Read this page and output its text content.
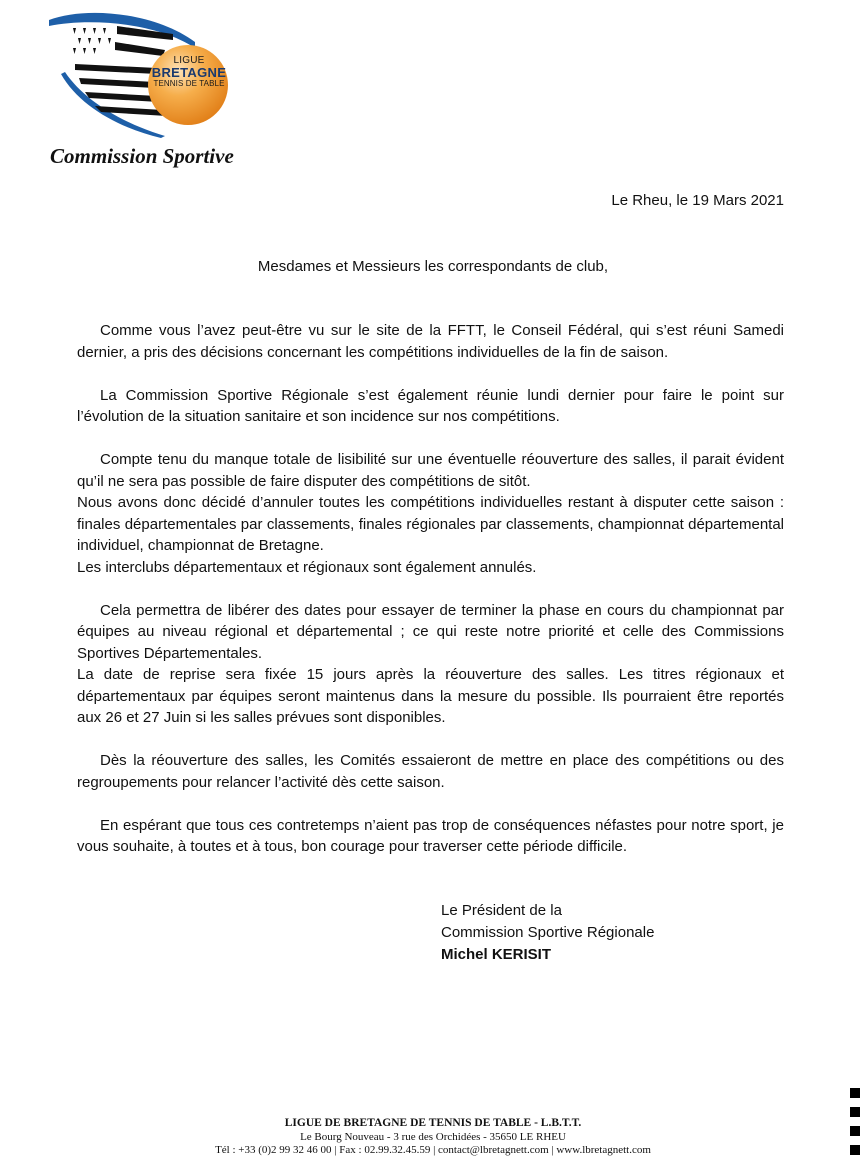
LIGUE
BRETAGNE
TENNIS DE TABLE
Commission Sportive
Le Rheu, le 19 Mars 2021
Mesdames et Messieurs les correspondants de club,

Comme vous l’avez peut-être vu sur le site de la FFTT, le Conseil Fédéral, qui s’est réuni Samedi dernier, a pris des décisions concernant les compétitions individuelles de la fin de saison.

La Commission Sportive Régionale s’est également réunie lundi dernier pour faire le point sur l’évolution de la situation sanitaire et son incidence sur nos compétitions.

Compte tenu du manque totale de lisibilité sur une éventuelle réouverture des salles, il parait évident qu’il ne sera pas possible de faire disputer des compétitions de sitôt.

Nous avons donc décidé d’annuler toutes les compétitions individuelles restant à disputer cette saison : finales départementales par classements, finales régionales par classements, championnat départemental individuel, championnat de Bretagne.

Les interclubs départementaux et régionaux sont également annulés.

Cela permettra de libérer des dates pour essayer de terminer la phase en cours du championnat par équipes au niveau régional et départemental ; ce qui reste notre priorité et celle des Commissions Sportives Départementales.

La date de reprise sera fixée 15 jours après la réouverture des salles. Les titres régionaux et départementaux par équipes seront maintenus dans la mesure du possible. Ils pourraient être reportés aux 26 et 27 Juin si les salles prévues sont disponibles.

Dès la réouverture des salles, les Comités essaieront de mettre en place des compétitions ou des regroupements pour relancer l’activité dès cette saison.

En espérant que tous ces contretemps n’aient pas trop de conséquences néfastes pour notre sport, je vous souhaite, à toutes et à tous, bon courage pour traverser cette période difficile.

Le Président de la
Commission Sportive Régionale
Michel KERISIT
LIGUE DE BRETAGNE DE TENNIS DE TABLE - L.B.T.T.
Le Bourg Nouveau - 3 rue des Orchidées - 35650 LE RHEU
Tél : +33 (0)2 99 32 46 00 | Fax : 02.99.32.45.59 | contact@lbretagnett.com | www.lbretagnett.com
